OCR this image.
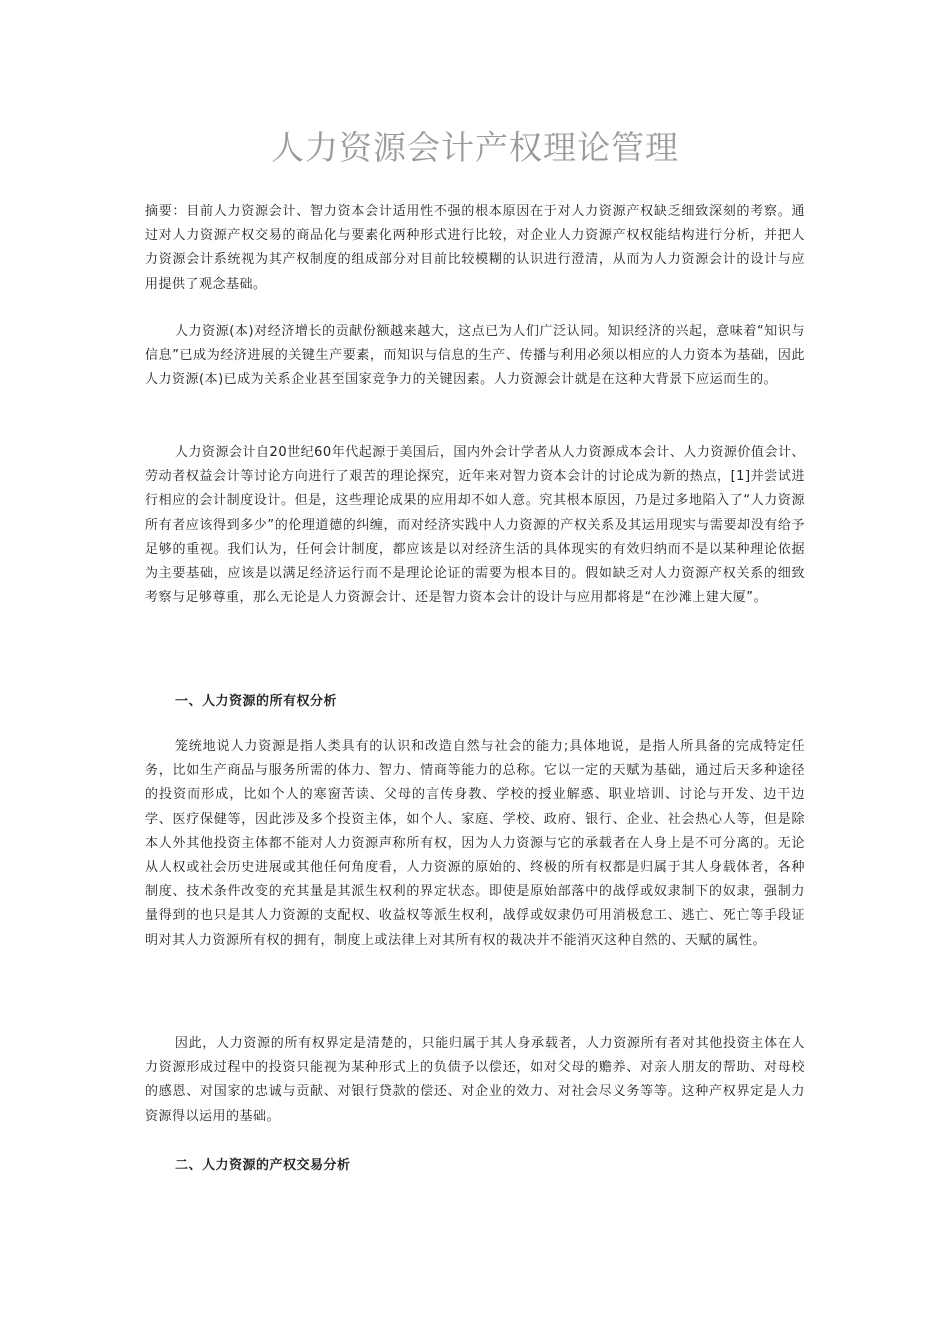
人力资源会计产权理论管理

摘要：目前人力资源会计、智力资本会计适用性不强的根本原因在于对人力资源产权缺乏细致深刻的考察。通过对人力资源产权交易的商品化与要素化两种形式进行比较，对企业人力资源产权权能结构进行分析，并把人力资源会计系统视为其产权制度的组成部分对目前比较模糊的认识进行澄清，从而为人力资源会计的设计与应用提供了观念基础。

人力资源(本)对经济增长的贡献份额越来越大，这点已为人们广泛认同。知识经济的兴起，意味着“知识与信息”已成为经济进展的关键生产要素，而知识与信息的生产、传播与利用必须以相应的人力资本为基础，因此人力资源(本)已成为关系企业甚至国家竞争力的关键因素。人力资源会计就是在这种大背景下应运而生的。

人力资源会计自20世纪60年代起源于美国后，国内外会计学者从人力资源成本会计、人力资源价值会计、劳动者权益会计等讨论方向进行了艰苦的理论探究，近年来对智力资本会计的讨论成为新的热点，[1]并尝试进行相应的会计制度设计。但是，这些理论成果的应用却不如人意。究其根本原因，乃是过多地陷入了“人力资源所有者应该得到多少”的伦理道德的纠缠，而对经济实践中人力资源的产权关系及其运用现实与需要却没有给予足够的重视。我们认为，任何会计制度，都应该是以对经济生活的具体现实的有效归纳而不是以某种理论依据为主要基础，应该是以满足经济运行而不是理论论证的需要为根本目的。假如缺乏对人力资源产权关系的细致考察与足够尊重，那么无论是人力资源会计、还是智力资本会计的设计与应用都将是“在沙滩上建大厦”。

一、人力资源的所有权分析

笼统地说人力资源是指人类具有的认识和改造自然与社会的能力;具体地说，是指人所具备的完成特定任务，比如生产商品与服务所需的体力、智力、情商等能力的总称。它以一定的天赋为基础，通过后天多种途径的投资而形成，比如个人的寒窗苦读、父母的言传身教、学校的授业解惑、职业培训、讨论与开发、边干边学、医疗保健等，因此涉及多个投资主体，如个人、家庭、学校、政府、银行、企业、社会热心人等，但是除本人外其他投资主体都不能对人力资源声称所有权，因为人力资源与它的承载者在人身上是不可分离的。无论从人权或社会历史进展或其他任何角度看，人力资源的原始的、终极的所有权都是归属于其人身载体者，各种制度、技术条件改变的充其量是其派生权利的界定状态。即使是原始部落中的战俘或奴隶制下的奴隶，强制力量得到的也只是其人力资源的支配权、收益权等派生权利，战俘或奴隶仍可用消极怠工、逃亡、死亡等手段证明对其人力资源所有权的拥有，制度上或法律上对其所有权的裁决并不能消灭这种自然的、天赋的属性。

因此，人力资源的所有权界定是清楚的，只能归属于其人身承载者，人力资源所有者对其他投资主体在人力资源形成过程中的投资只能视为某种形式上的负债予以偿还，如对父母的赡养、对亲人朋友的帮助、对母校的感恩、对国家的忠诚与贡献、对银行贷款的偿还、对企业的效力、对社会尽义务等等。这种产权界定是人力资源得以运用的基础。

二、人力资源的产权交易分析
